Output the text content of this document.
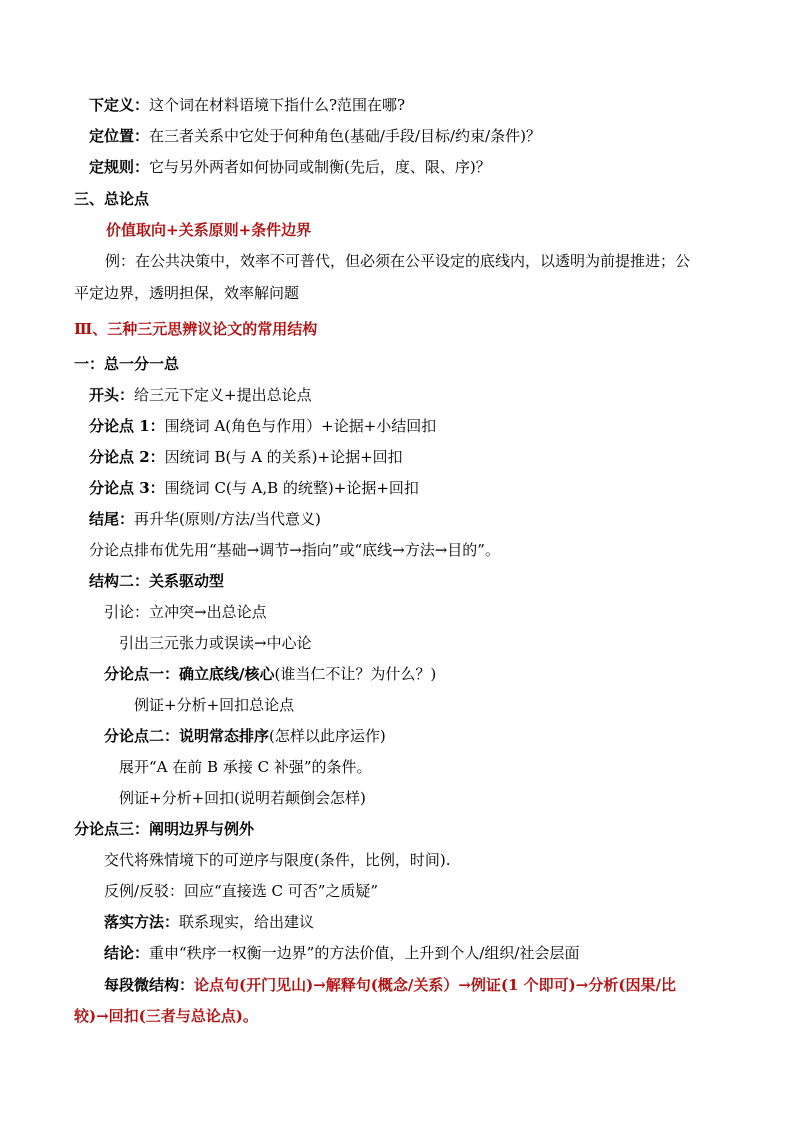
下定义：这个词在材料语境下指什么?范围在哪?
定位置：在三者关系中它处于何种角色(基础/手段/目标/约束/条件)？
定规则：它与另外两者如何协同或制衡(先后，度、限、序)？
三、总论点
价值取向+关系原则+条件边界
例：在公共决策中，效率不可普代，但必须在公平设定的底线内，以透明为前提推进；公
平定边界，透明担保，效率解问题
Ⅲ、三种三元思辨议论文的常用结构
一：总一分一总
开头：给三元下定义+提出总论点
分论点 1：围绕词 A(角色与作用）+论据+小结回扣
分论点 2：因统词 B(与 A 的关系)+论据+回扣
分论点 3：围绕词 C(与 A,B 的统整)+论据+回扣
结尾：再升华(原则/方法/当代意义)
分论点排布优先用“基础→调节→指向”或“底线→方法→目的”。
结构二：关系驱动型
引论：立冲突→出总论点
引出三元张力或误读→中心论
分论点一：确立底线/核心(谁当仁不让？为什么？)
例证+分析+回扣总论点
分论点二：说明常态排序(怎样以此序运作)
展开“A 在前 B 承接 C 补强”的条件。
例证+分析+回扣(说明若颠倒会怎样)
分论点三：阐明边界与例外
交代将殊情境下的可逆序与限度(条件，比例，时间).
反例/反驳：回应“直接选 C 可否”之质疑”
落实方法：联系现实，给出建议
结论：重申“秩序一权衡一边界”的方法价值，上升到个人/组织/社会层面
每段微结构：论点句(开门见山)→解释句(概念/关系）→例证(1 个即可)→分析(因果/比
较)→回扣(三者与总论点)。
